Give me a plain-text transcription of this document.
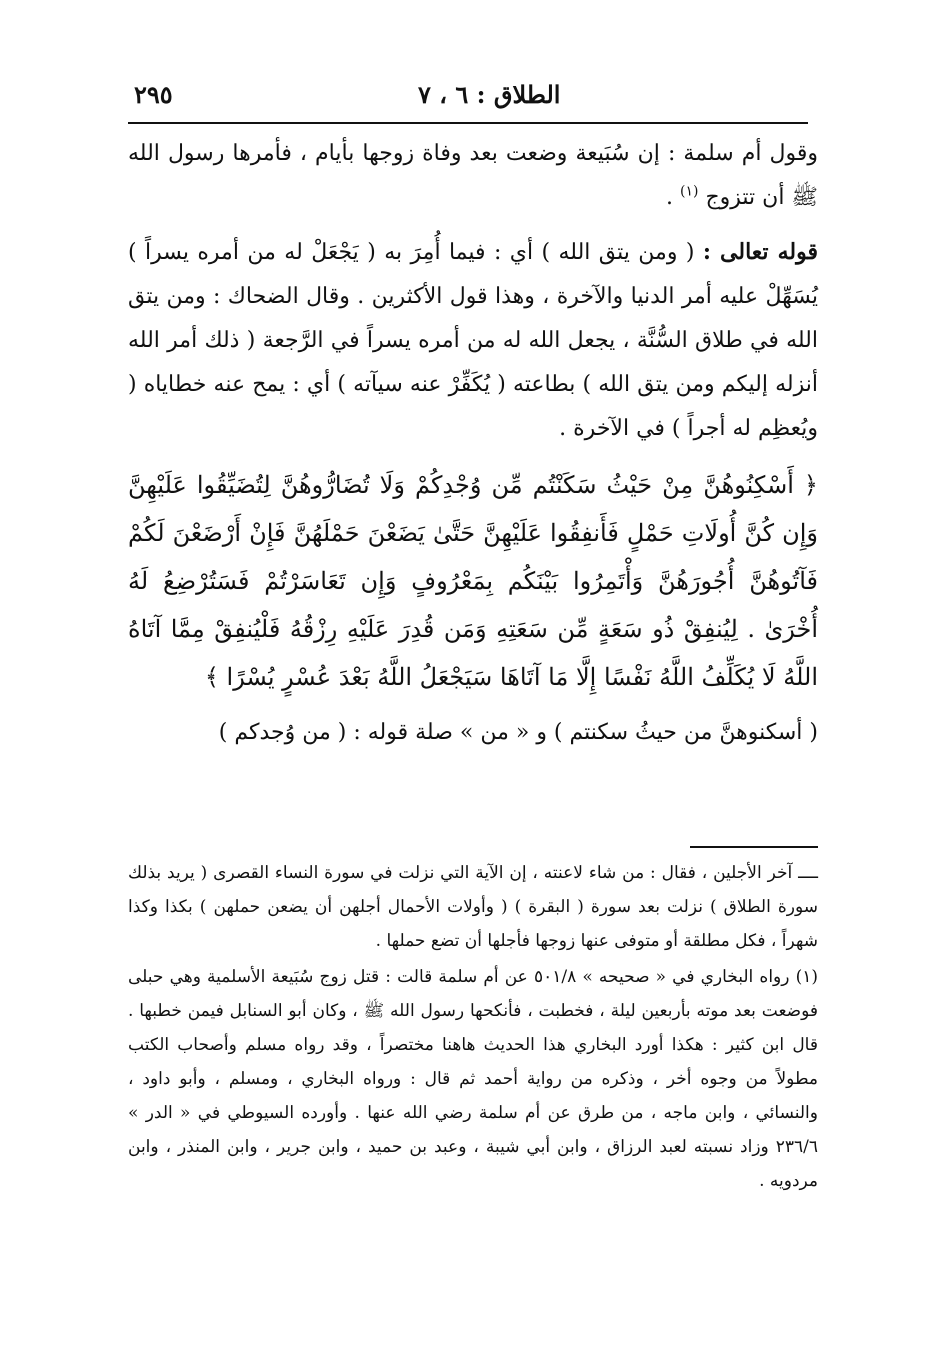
٢٩٥	الطلاق : ٦ ، ٧

وقول أم سلمة : إن سُبَيعة وضعت بعد وفاة زوجها بأيام ، فأمرها رسول الله ﷺ أن تتزوج $^{(١)}$ .

قوله تعالى : ( ومن يتق الله ) أي : فيما أُمِرَ به ( يَجْعَلْ له من أمره يسراً ) يُسَهِّلْ عليه أمر الدنيا والآخرة ، وهذا قول الأكثرين . وقال الضحاك : ومن يتق الله في طلاق السُّنَّة ، يجعل الله له من أمره يسراً في الرَّجعة ( ذلك أمر الله أنزله إليكم ومن يتق الله ) بطاعته ( يُكَفِّرْ عنه سيآته ) أي : يمح عنه خطاياه ( ويُعظِم له أجراً ) في الآخرة .

﴿ أَسْكِنُوهُنَّ مِنْ حَيْثُ سَكَنْتُم مِّن وُجْدِكُمْ وَلَا تُضَارُّوهُنَّ لِتُضَيِّقُوا عَلَيْهِنَّ وَإِن كُنَّ أُولَاتِ حَمْلٍ فَأَنفِقُوا عَلَيْهِنَّ حَتَّىٰ يَضَعْنَ حَمْلَهُنَّ فَإِنْ أَرْضَعْنَ لَكُمْ فَآتُوهُنَّ أُجُورَهُنَّ وَأْتَمِرُوا بَيْنَكُم بِمَعْرُوفٍ وَإِن تَعَاسَرْتُمْ فَسَتُرْضِعُ لَهُ أُخْرَىٰ . لِيُنفِقْ ذُو سَعَةٍ مِّن سَعَتِهِ وَمَن قُدِرَ عَلَيْهِ رِزْقُهُ فَلْيُنفِقْ مِمَّا آتَاهُ اللَّهُ لَا يُكَلِّفُ اللَّهُ نَفْسًا إِلَّا مَا آتَاهَا سَيَجْعَلُ اللَّهُ بَعْدَ عُسْرٍ يُسْرًا ﴾

( أسكنوهنَّ من حيثُ سكنتم ) و « من » صلة قوله : ( من وُجدكم )

ــــ آخر الأجلين ، فقال : من شاء لاعنته ، إن الآية التي نزلت في سورة النساء القصرى ( يريد بذلك سورة الطلاق ) نزلت بعد سورة ( البقرة ) ( وأولات الأحمال أجلهن أن يضعن حملهن ) بكذا وكذا شهراً ، فكل مطلقة أو متوفى عنها زوجها فأجلها أن تضع حملها .

(١) رواه البخاري في « صحيحه » ٥٠١/٨ عن أم سلمة قالت : قتل زوج سُبَيعة الأسلمية وهي حبلى فوضعت بعد موته بأربعين ليلة ، فخطبت ، فأنكحها رسول الله ﷺ ، وكان أبو السنابل فيمن خطبها . قال ابن كثير : هكذا أورد البخاري هذا الحديث هاهنا مختصراً ، وقد رواه مسلم وأصحاب الكتب مطولاً من وجوه أخر ، وذكره من رواية أحمد ثم قال : ورواه البخاري ، ومسلم ، وأبو داود ، والنسائي ، وابن ماجه ، من طرق عن أم سلمة رضي الله عنها . وأورده السيوطي في « الدر » ٢٣٦/٦ وزاد نسبته لعبد الرزاق ، وابن أبي شيبة ، وعبد بن حميد ، وابن جرير ، وابن المنذر ، وابن مردويه .
